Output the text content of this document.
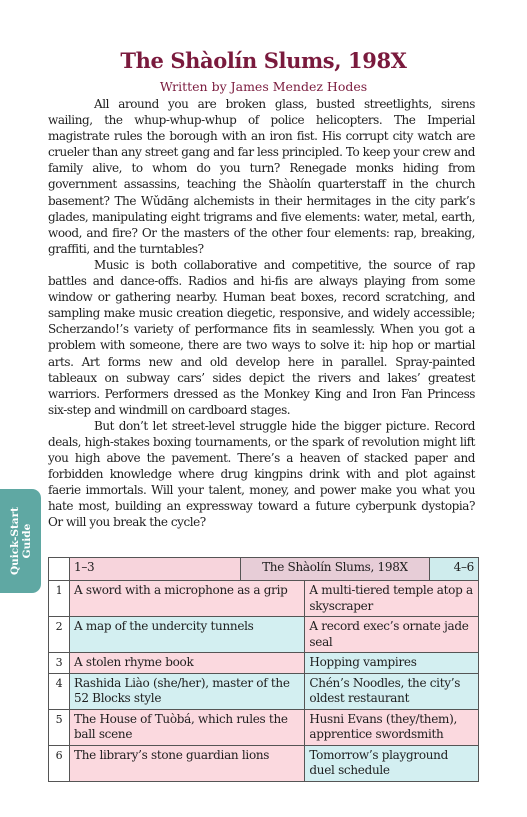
The Shàolín Slums, 198X
Written by James Mendez Hodes

All around you are broken glass, busted streetlights, sirens wailing, the whup-whup-whup of police helicopters. The Imperial magistrate rules the borough with an iron fist. His corrupt city watch are crueler than any street gang and far less principled. To keep your crew and family alive, to whom do you turn? Renegade monks hiding from government assassins, teaching the Shàolín quarterstaff in the church basement? The Wǔdāng alchemists in their hermitages in the city park’s glades, manipulating eight trigrams and five elements: water, metal, earth, wood, and fire? Or the masters of the other four elements: rap, breaking, graffiti, and the turntables?

Music is both collaborative and competitive, the source of rap battles and dance-offs. Radios and hi-fis are always playing from some window or gathering nearby. Human beat boxes, record scratching, and sampling make music creation diegetic, responsive, and widely accessible; Scherzando!’s variety of performance fits in seamlessly. When you got a problem with someone, there are two ways to solve it: hip hop or martial arts. Art forms new and old develop here in parallel. Spray-painted tableaux on subway cars’ sides depict the rivers and lakes’ greatest warriors. Performers dressed as the Monkey King and Iron Fan Princess six-step and windmill on cardboard stages.

But don’t let street-level struggle hide the bigger picture. Record deals, high-stakes boxing tournaments, or the spark of revolution might lift you high above the pavement. There’s a heaven of stacked paper and forbidden knowledge where drug kingpins drink with and plot against faerie immortals. Will your talent, money, and power make you what you hate most, building an expressway toward a future cyberpunk dystopia? Or will you break the cycle?

Quick-Start
Guide
	1–3	The Shàolín Slums, 198X		4–6
1	A sword with a microphone as a grip		A multi-tiered temple atop a skyscraper	
2	A map of the undercity tunnels		A record exec’s ornate jade seal	
3	A stolen rhyme book		Hopping vampires	
4	Rashida Liào (she/her), master of the 52 Blocks style		Chén’s Noodles, the city’s oldest restaurant	
5	The House of Tuòbá, which rules the ball scene		Husni Evans (they/them), apprentice swordsmith	
6	The library’s stone guardian lions		Tomorrow’s playground duel schedule	
